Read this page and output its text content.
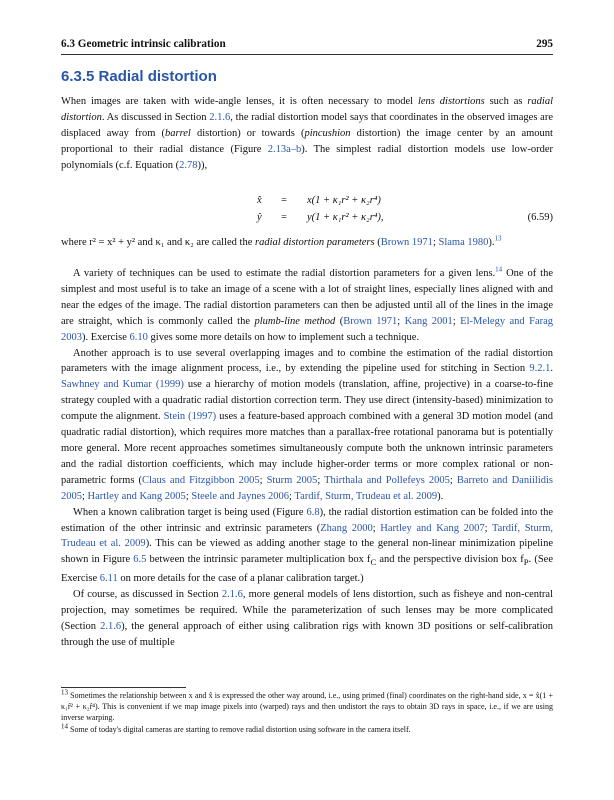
6.3 Geometric intrinsic calibration	295
6.3.5 Radial distortion

When images are taken with wide-angle lenses, it is often necessary to model lens distortions such as radial distortion. As discussed in Section 2.1.6, the radial distortion model says that coordinates in the observed images are displaced away from (barrel distortion) or towards (pincushion distortion) the image center by an amount proportional to their radial distance (Figure 2.13a–b). The simplest radial distortion models use low-order polynomials (c.f. Equation (2.78)),

x̂ = x(1 + κ₁r² + κ₂r⁴)
ŷ = y(1 + κ₁r² + κ₂r⁴),	(6.59)

where r² = x² + y² and κ₁ and κ₂ are called the radial distortion parameters (Brown 1971; Slama 1980).$^{13}$

A variety of techniques can be used to estimate the radial distortion parameters for a given lens.$^{14}$ One of the simplest and most useful is to take an image of a scene with a lot of straight lines, especially lines aligned with and near the edges of the image. The radial distortion parameters can then be adjusted until all of the lines in the image are straight, which is commonly called the plumb-line method (Brown 1971; Kang 2001; El-Melegy and Farag 2003). Exercise 6.10 gives some more details on how to implement such a technique.

Another approach is to use several overlapping images and to combine the estimation of the radial distortion parameters with the image alignment process, i.e., by extending the pipeline used for stitching in Section 9.2.1. Sawhney and Kumar (1999) use a hierarchy of motion models (translation, affine, projective) in a coarse-to-fine strategy coupled with a quadratic radial distortion correction term. They use direct (intensity-based) minimization to compute the alignment. Stein (1997) uses a feature-based approach combined with a general 3D motion model (and quadratic radial distortion), which requires more matches than a parallax-free rotational panorama but is potentially more general. More recent approaches sometimes simultaneously compute both the unknown intrinsic parameters and the radial distortion coefficients, which may include higher-order terms or more complex rational or non-parametric forms (Claus and Fitzgibbon 2005; Sturm 2005; Thirthala and Pollefeys 2005; Barreto and Daniilidis 2005; Hartley and Kang 2005; Steele and Jaynes 2006; Tardif, Sturm, Trudeau et al. 2009).

When a known calibration target is being used (Figure 6.8), the radial distortion estimation can be folded into the estimation of the other intrinsic and extrinsic parameters (Zhang 2000; Hartley and Kang 2007; Tardif, Sturm, Trudeau et al. 2009). This can be viewed as adding another stage to the general non-linear minimization pipeline shown in Figure 6.5 between the intrinsic parameter multiplication box $f_C$ and the perspective division box $f_P$. (See Exercise 6.11 on more details for the case of a planar calibration target.)

Of course, as discussed in Section 2.1.6, more general models of lens distortion, such as fisheye and non-central projection, may sometimes be required. While the parameterization of such lenses may be more complicated (Section 2.1.6), the general approach of either using calibration rigs with known 3D positions or self-calibration through the use of multiple

$^{13}$ Sometimes the relationship between x and x̂ is expressed the other way around, i.e., using primed (final) coordinates on the right-hand side, x = x̂(1 + κ₁r̂² + κ₂r̂⁴). This is convenient if we map image pixels into (warped) rays and then undistort the rays to obtain 3D rays in space, i.e., if we are using inverse warping.

$^{14}$ Some of today's digital cameras are starting to remove radial distortion using software in the camera itself.
